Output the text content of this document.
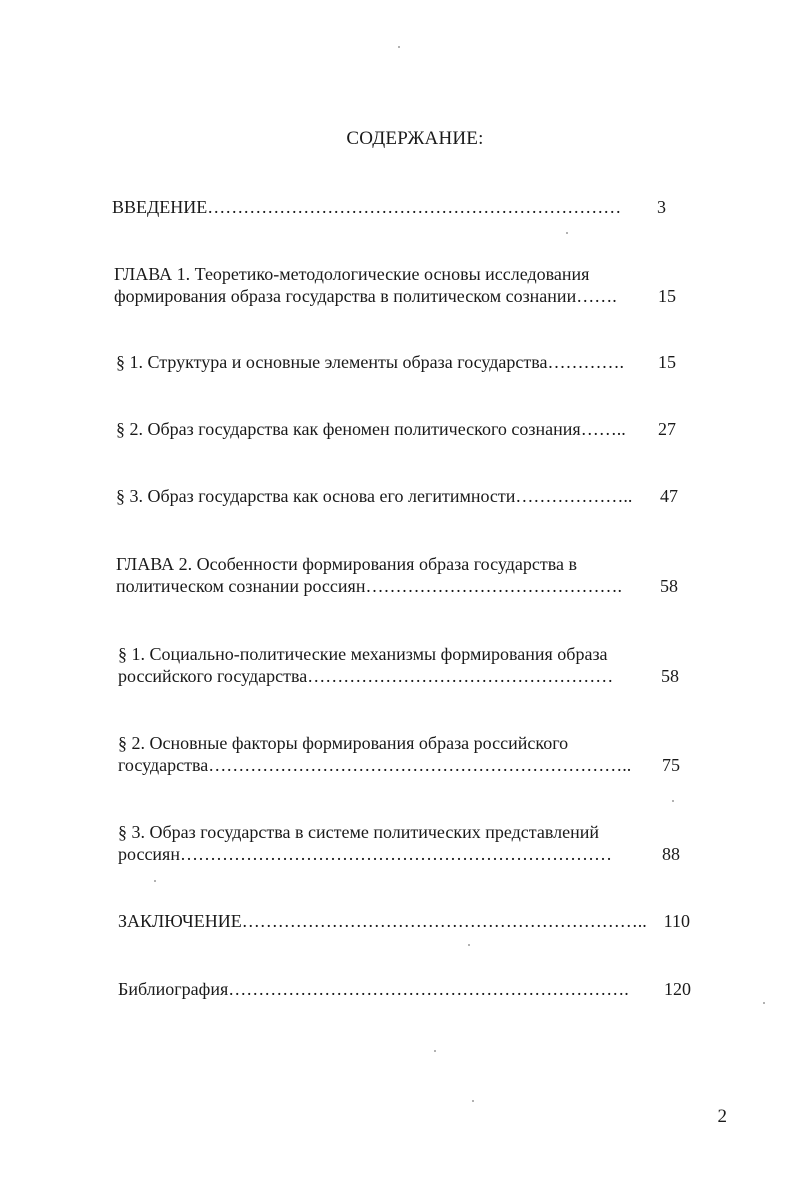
СОДЕРЖАНИЕ:
ВВЕДЕНИЕ……………………………………………………………	3
ГЛАВА 1. Теоретико-методологические основы исследования
формирования образа государства в политическом сознании…….	15
§ 1. Структура и основные элементы образа государства………….	15
§ 2. Образ государства как феномен политического сознания……..	27
§ 3. Образ государства как основа его легитимности………………..	47
ГЛАВА 2. Особенности формирования образа государства в
политическом сознании россиян…………………………………….	58
§ 1. Социально-политические механизмы формирования образа
российского государства……………………………………………	58
§ 2. Основные факторы формирования образа российского
государства……………………………………………………………..	75
§ 3. Образ государства в системе политических представлений
россиян………………………………………………………………	88
ЗАКЛЮЧЕНИЕ………………………………………………………….. 110
Библиография………………………………………………………….	120
2
